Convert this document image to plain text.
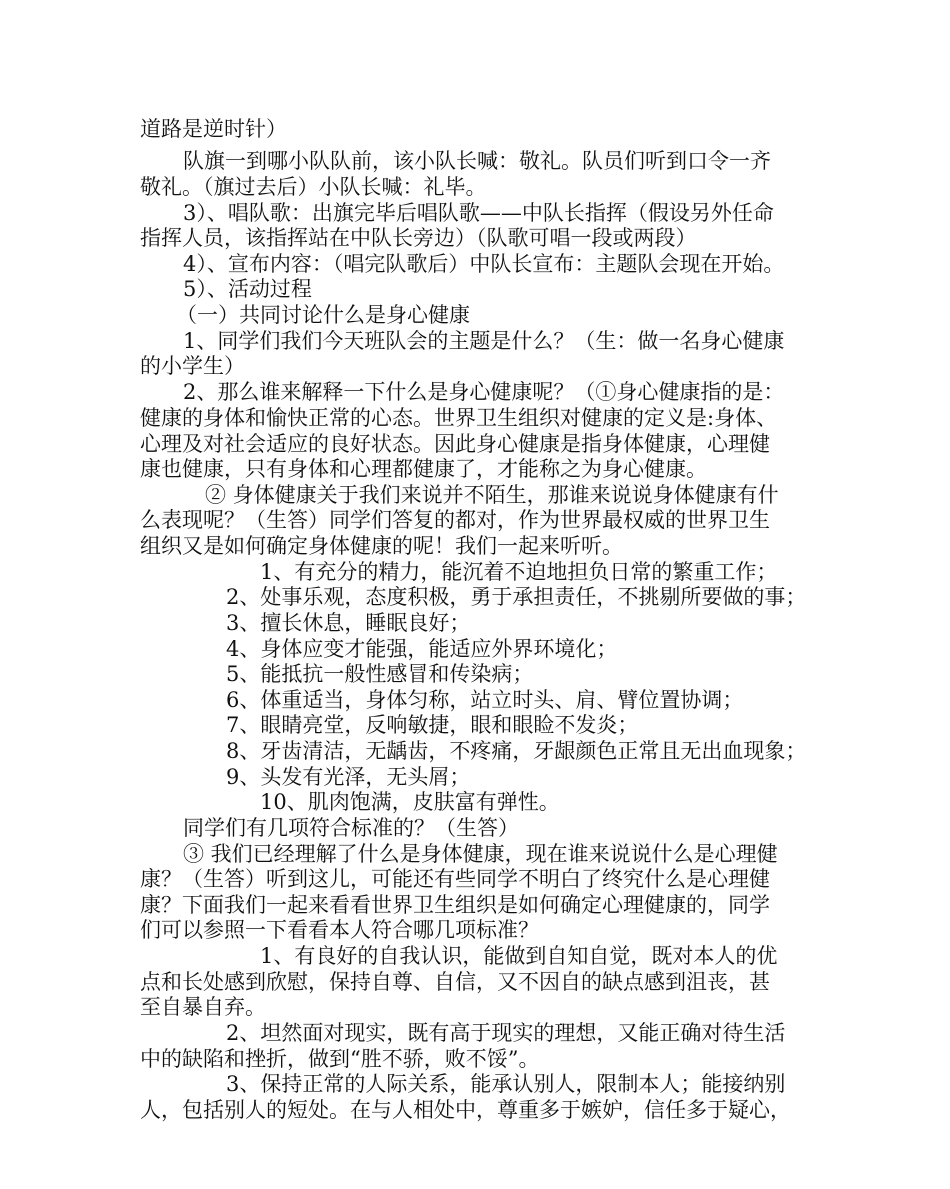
道路是逆时针）
队旗一到哪小队队前，该小队长喊：敬礼。队员们听到口令一齐
敬礼。（旗过去后）小队长喊：礼毕。
3）、唱队歌：出旗完毕后唱队歌——中队长指挥（假设另外任命
指挥人员，该指挥站在中队长旁边）（队歌可唱一段或两段）
4）、宣布内容：（唱完队歌后）中队长宣布：主题队会现在开始。
5）、活动过程
（一）共同讨论什么是身心健康
1、同学们我们今天班队会的主题是什么？（生：做一名身心健康
的小学生）
2、那么谁来解释一下什么是身心健康呢？（①身心健康指的是：
健康的身体和愉快正常的心态。世界卫生组织对健康的定义是:身体、
心理及对社会适应的良好状态。因此身心健康是指身体健康，心理健
康也健康，只有身体和心理都健康了，才能称之为身心健康。
② 身体健康关于我们来说并不陌生，那谁来说说身体健康有什
么表现呢？（生答）同学们答复的都对，作为世界最权威的世界卫生
组织又是如何确定身体健康的呢！我们一起来听听。
1、有充分的精力，能沉着不迫地担负日常的繁重工作；
2、处事乐观，态度积极，勇于承担责任，不挑剔所要做的事；
3、擅长休息，睡眠良好；
4、身体应变才能强，能适应外界环境化；
5、能抵抗一般性感冒和传染病；
6、体重适当，身体匀称，站立时头、肩、臂位置协调；
7、眼睛亮堂，反响敏捷，眼和眼睑不发炎；
8、牙齿清洁，无龋齿，不疼痛，牙龈颜色正常且无出血现象；
9、头发有光泽，无头屑；
10、肌肉饱满，皮肤富有弹性。
同学们有几项符合标准的？（生答）
③ 我们已经理解了什么是身体健康，现在谁来说说什么是心理健
康？（生答）听到这儿，可能还有些同学不明白了终究什么是心理健
康？下面我们一起来看看世界卫生组织是如何确定心理健康的，同学
们可以参照一下看看本人符合哪几项标准？
1、有良好的自我认识，能做到自知自觉，既对本人的优
点和长处感到欣慰，保持自尊、自信，又不因自的缺点感到沮丧，甚
至自暴自弃。
2、坦然面对现实，既有高于现实的理想，又能正确对待生活
中的缺陷和挫折，做到“胜不骄，败不馁”。
3、保持正常的人际关系，能承认别人，限制本人；能接纳别
人，包括别人的短处。在与人相处中，尊重多于嫉妒，信任多于疑心，
